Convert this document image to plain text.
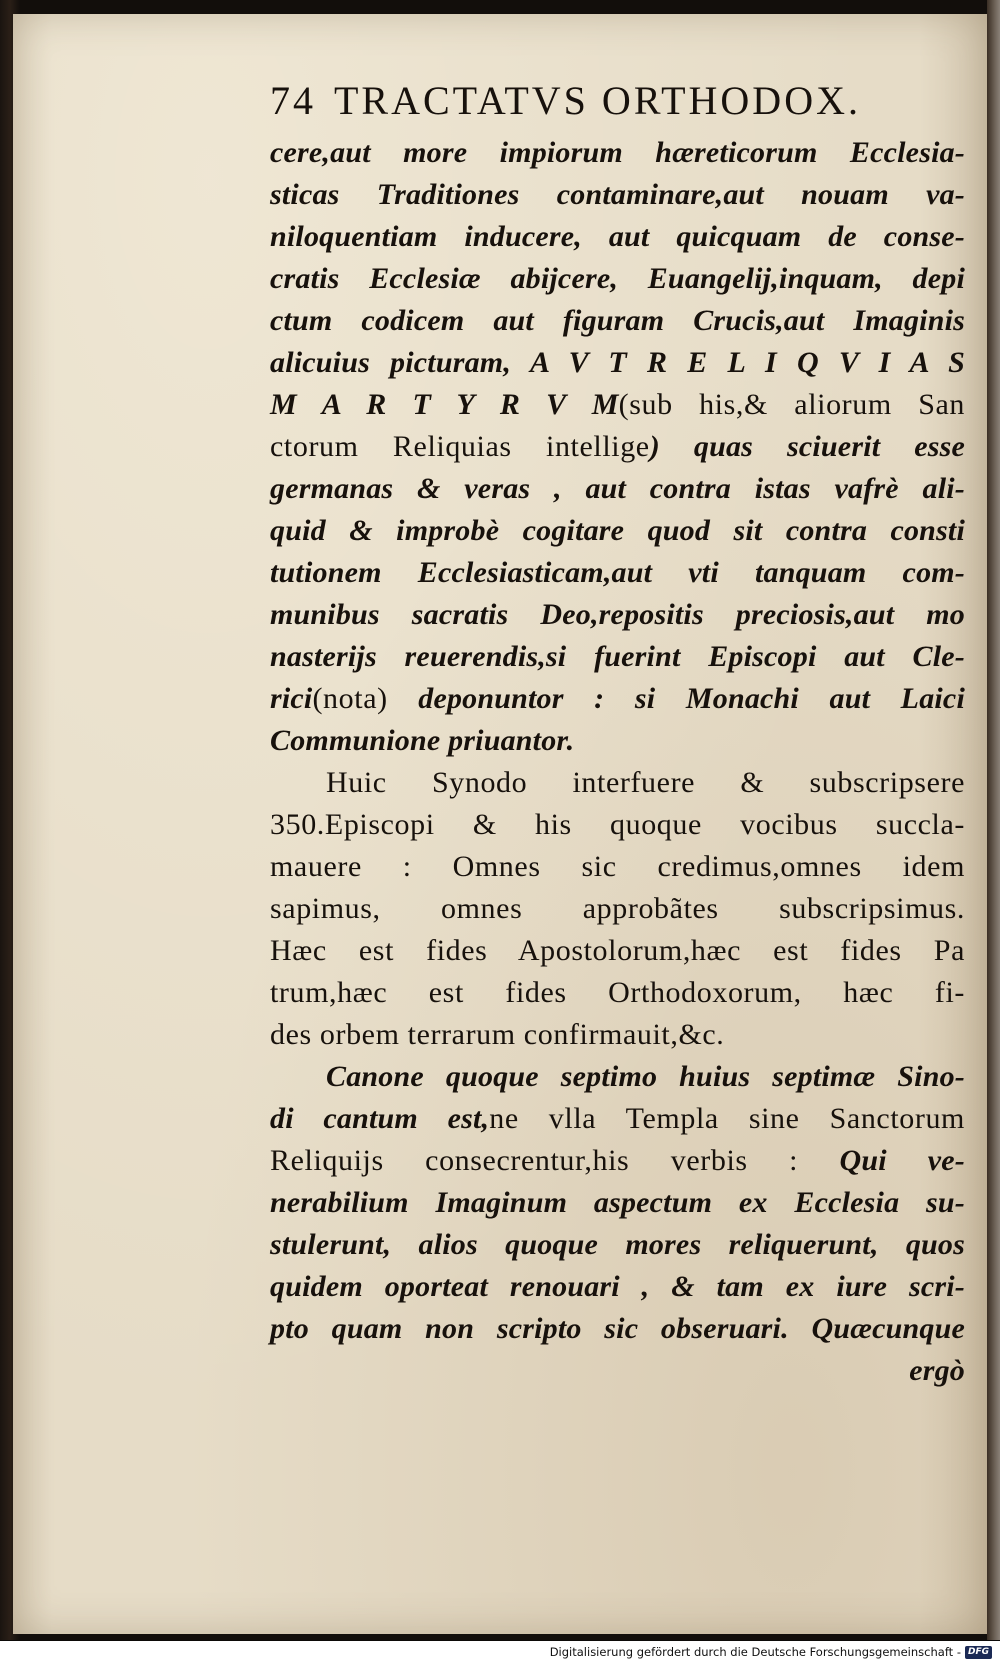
74 TRACTATVS ORTHODOX.
cere,aut more impiorum hæreticorum Ecclesia-
sticas Traditiones contaminare,aut nouam va-
niloquentiam inducere, aut quicquam de conse-
cratis Ecclesiæ abijcere, Euangelij,inquam, depi
ctum codicem aut figuram Crucis,aut Imaginis
alicuius picturam, A V T R E L I Q V I A S
M A R T Y R V M(sub his,& aliorum San
ctorum Reliquias intellige) quas sciuerit esse
germanas & veras , aut contra istas vafrè ali-
quid & improbè cogitare quod sit contra consti
tutionem Ecclesiasticam,aut vti tanquam com-
munibus sacratis Deo,repositis preciosis,aut mo
nasterijs reuerendis,si fuerint Episcopi aut Cle-
rici(nota) deponuntor : si Monachi aut Laici
Communione priuantor.
Huic Synodo interfuere & subscripsere
350.Episcopi & his quoque vocibus succla-
mauere : Omnes sic credimus,omnes idem
sapimus, omnes approbãtes subscripsimus.
Hæc est fides Apostolorum,hæc est fides Pa
trum,hæc est fides Orthodoxorum, hæc fi-
des orbem terrarum confirmauit,&c.
Canone quoque septimo huius septimæ Sino-
di cantum est,ne vlla Templa sine Sanctorum
Reliquijs consecrentur,his verbis : Qui ve-
nerabilium Imaginum aspectum ex Ecclesia su-
stulerunt, alios quoque mores reliquerunt, quos
quidem oporteat renouari , & tam ex iure scri-
pto quam non scripto sic obseruari. Quæcunque
ergò
Digitalisierung gefördert durch die Deutsche Forschungsgemeinschaft - DFG
